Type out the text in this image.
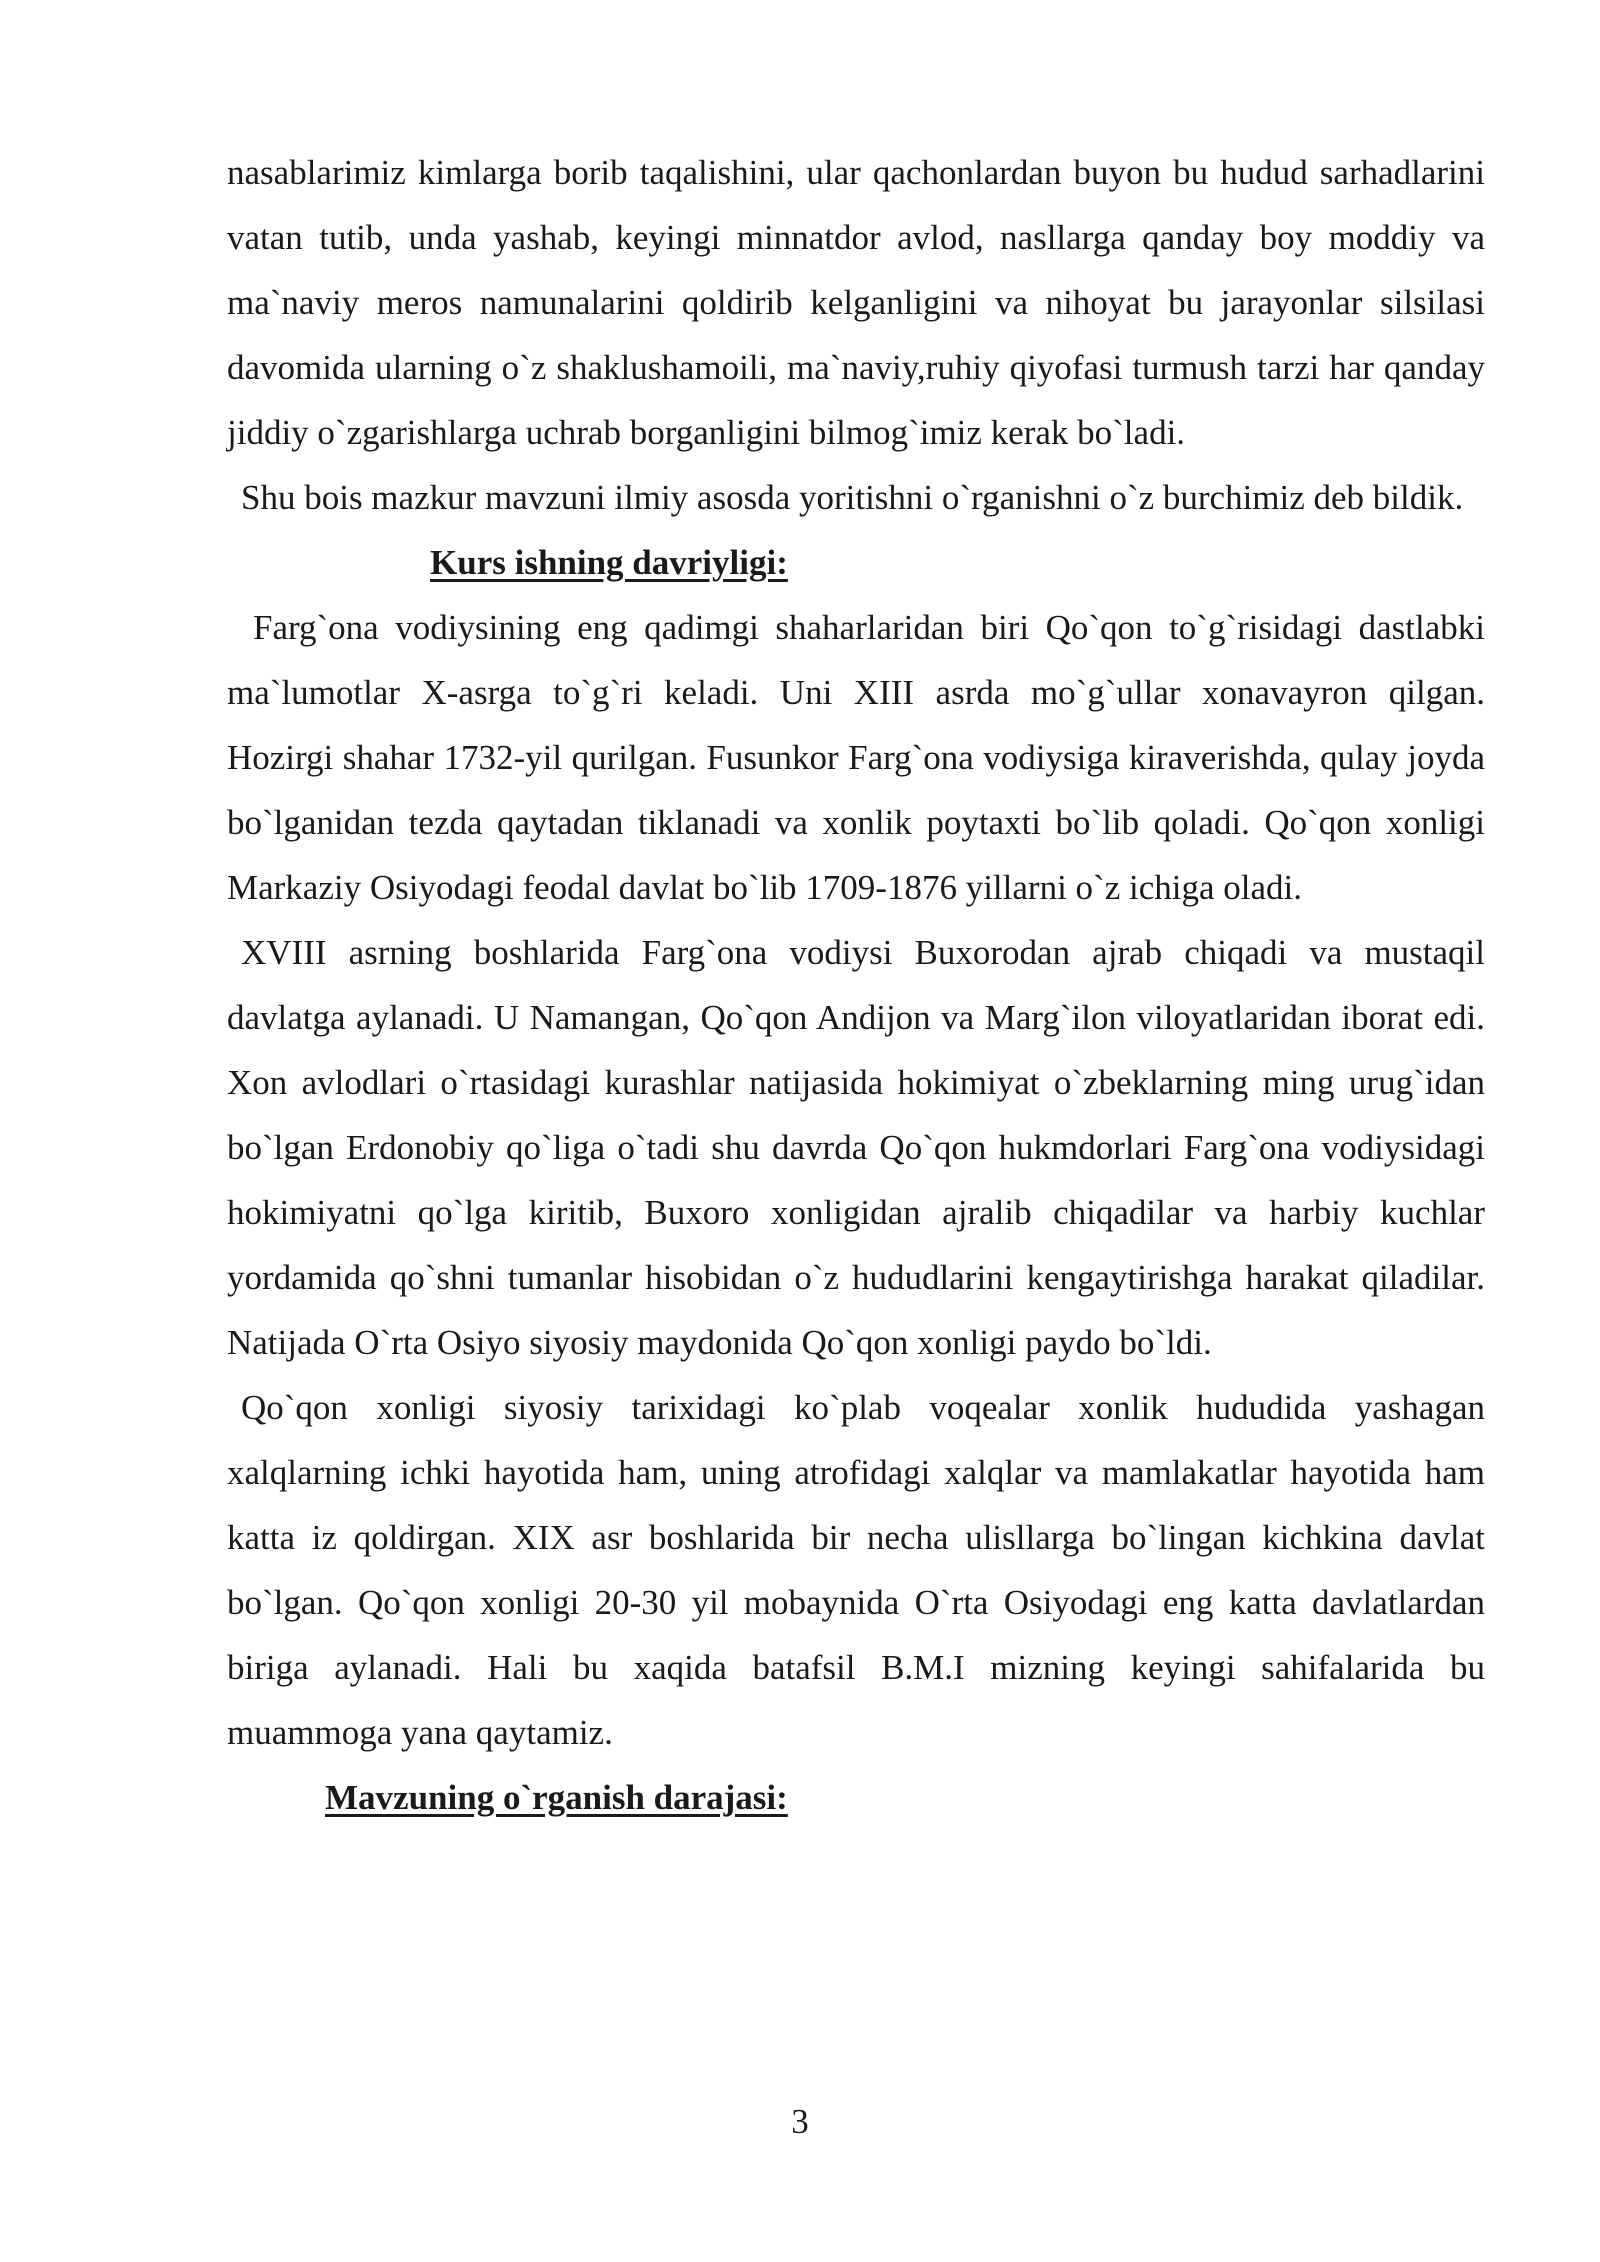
nasablarimiz kimlarga borib taqalishini, ular qachonlardan buyon bu hudud sarhadlarini vatan tutib, unda yashab, keyingi minnatdor avlod, nasllarga qanday boy moddiy va ma`naviy meros namunalarini qoldirib kelganligini va nihoyat bu jarayonlar silsilasi davomida ularning o`z shaklushamoili, ma`naviy,ruhiy qiyofasi turmush tarzi har qanday jiddiy o`zgarishlarga uchrab borganligini bilmog`imiz kerak bo`ladi.

Shu bois mazkur mavzuni ilmiy asosda yoritishni o`rganishni o`z burchimiz deb bildik.

Kurs ishning davriyligi:

Farg`ona vodiysining eng qadimgi shaharlaridan biri Qo`qon to`g`risidagi dastlabki ma`lumotlar X-asrga to`g`ri keladi. Uni XIII asrda mo`g`ullar xonavayron qilgan. Hozirgi shahar 1732-yil qurilgan. Fusunkor Farg`ona vodiysiga kiraverishda, qulay joyda bo`lganidan tezda qaytadan tiklanadi va xonlik poytaxti bo`lib qoladi. Qo`qon xonligi Markaziy Osiyodagi feodal davlat bo`lib 1709-1876 yillarni o`z ichiga oladi.

XVIII asrning boshlarida Farg`ona vodiysi Buxorodan ajrab chiqadi va mustaqil davlatga aylanadi. U Namangan, Qo`qon Andijon va Marg`ilon viloyatlaridan iborat edi. Xon avlodlari o`rtasidagi kurashlar natijasida hokimiyat o`zbeklarning ming urug`idan bo`lgan Erdonobiy qo`liga o`tadi shu davrda Qo`qon hukmdorlari Farg`ona vodiysidagi hokimiyatni qo`lga kiritib, Buxoro xonligidan ajralib chiqadilar va harbiy kuchlar yordamida qo`shni tumanlar hisobidan o`z hududlarini kengaytirishga harakat qiladilar. Natijada O`rta Osiyo siyosiy maydonida Qo`qon xonligi paydo bo`ldi.

Qo`qon xonligi siyosiy tarixidagi ko`plab voqealar xonlik hududida yashagan xalqlarning ichki hayotida ham, uning atrofidagi xalqlar va mamlakatlar hayotida ham katta iz qoldirgan. XIX asr boshlarida bir necha ulisllarga bo`lingan kichkina davlat bo`lgan. Qo`qon xonligi 20-30 yil mobaynida O`rta Osiyodagi eng katta davlatlardan biriga aylanadi. Hali bu xaqida batafsil B.M.I mizning keyingi sahifalarida bu muammoga yana qaytamiz.

Mavzuning o`rganish darajasi:

3
